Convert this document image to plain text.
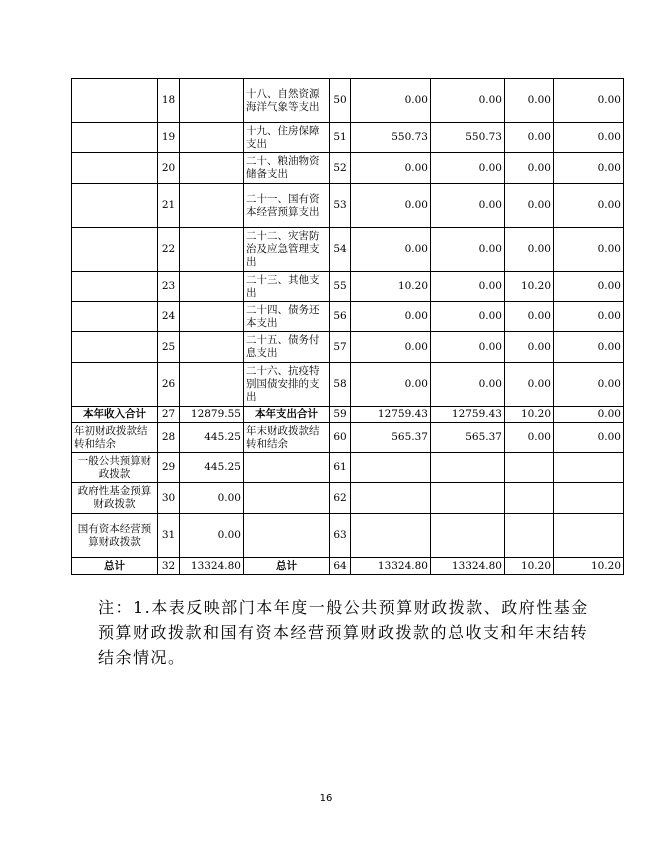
	18		十八、自然资源海洋气象等支出	50	0.00	0.00	0.00	0.00
	19		十九、住房保障支出	51	550.73	550.73	0.00	0.00
	20		二十、粮油物资储备支出	52	0.00	0.00	0.00	0.00
	21		二十一、国有资本经营预算支出	53	0.00	0.00	0.00	0.00
	22		二十二、灾害防治及应急管理支出	54	0.00	0.00	0.00	0.00
	23		二十三、其他支出	55	10.20	0.00	10.20	0.00
	24		二十四、债务还本支出	56	0.00	0.00	0.00	0.00
	25		二十五、债务付息支出	57	0.00	0.00	0.00	0.00
	26		二十六、抗疫特别国债安排的支出	58	0.00	0.00	0.00	0.00
本年收入合计	27	12879.55	本年支出合计	59	12759.43	12759.43	10.20	0.00
年初财政拨款结转和结余	28	445.25	年末财政拨款结转和结余	60	565.37	565.37	0.00	0.00
一般公共预算财政拨款	29	445.25		61				
政府性基金预算财政拨款	30	0.00		62				
国有资本经营预算财政拨款	31	0.00		63				
总计	32	13324.80	总计	64	13324.80	13324.80	10.20	10.20
注：1.本表反映部门本年度一般公共预算财政拨款、政府性基金预算财政拨款和国有资本经营预算财政拨款的总收支和年末结转结余情况。
16
